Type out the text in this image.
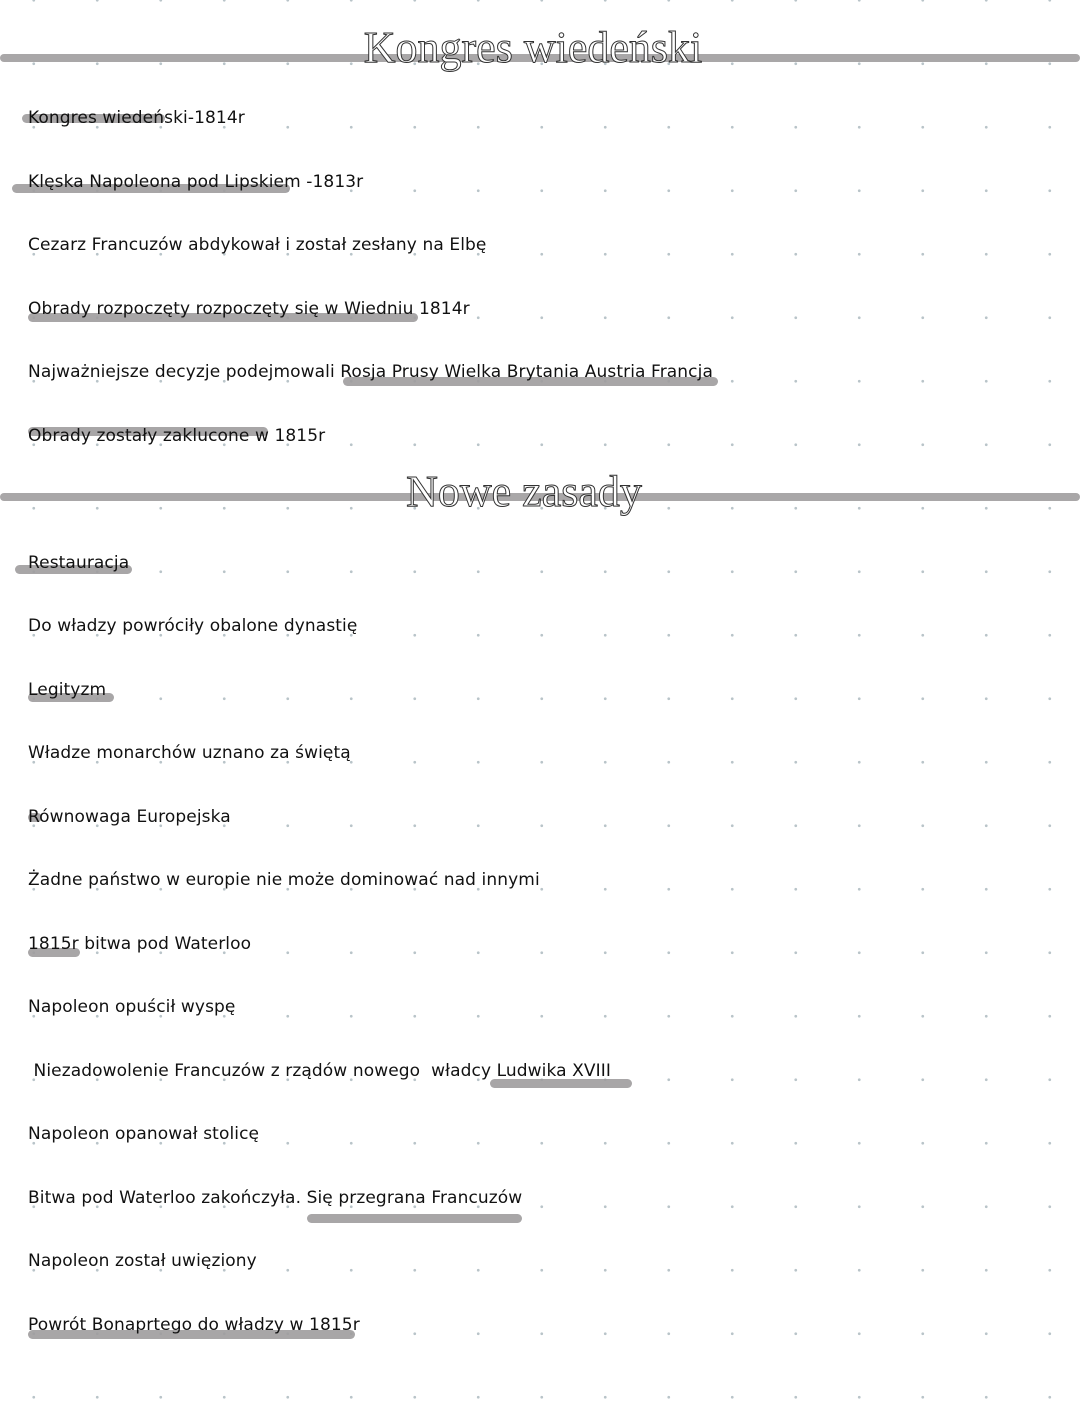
Kongres wiedeński
Kongres wiedeński-1814r
Klęska Napoleona pod Lipskiem -1813r
Cezarz Francuzów abdykował i został zesłany na Elbę
Obrady rozpoczęty rozpoczęty się w Wiedniu 1814r
Najważniejsze decyzje podejmowali Rosja Prusy Wielka Brytania Austria Francja
Obrady zostały zaklucone w 1815r
Nowe zasady
Restauracja
Do władzy powróciły obalone dynastię
Legityzm
Władze monarchów uznano za świętą
Równowaga Europejska
Żadne państwo w europie nie może dominować nad innymi
1815r bitwa pod Waterloo
Napoleon opuścił wyspę
Niezadowolenie Francuzów z rządów nowego  władcy Ludwika XVIII
Napoleon opanował stolicę
Bitwa pod Waterloo zakończyła. Się przegrana Francuzów
Napoleon został uwięziony
Powrót Bonaprtego do władzy w 1815r
